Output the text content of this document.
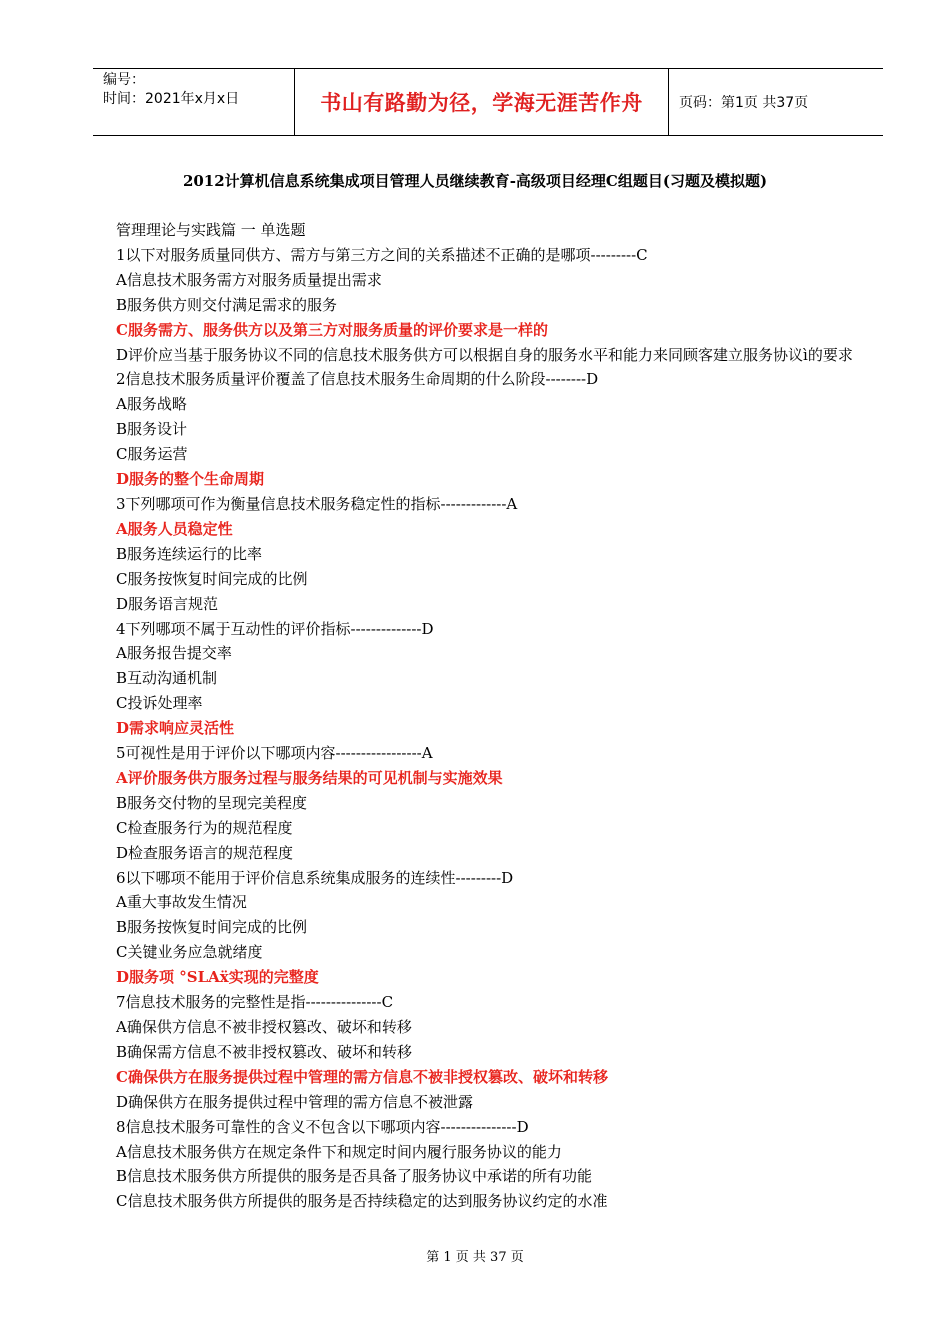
编号：
时间：2021年x月x日	书山有路勤为径，学海无涯苦作舟	页码：第1页 共37页
2012计算机信息系统集成项目管理人员继续教育-高级项目经理C组题目(习题及模拟题)
管理理论与实践篇 一 单选题
1以下对服务质量同供方、需方与第三方之间的关系描述不正确的是哪项---------C
A信息技术服务需方对服务质量提出需求
B服务供方则交付满足需求的服务
C服务需方、服务供方以及第三方对服务质量的评价要求是一样的
D评价应当基于服务协议不同的信息技术服务供方可以根据自身的服务水平和能力来同顾客建立服务协议ì的要求
2信息技术服务质量评价覆盖了信息技术服务生命周期的什么阶段--------D
A服务战略
B服务设计
C服务运营
D服务的整个生命周期
3下列哪项可作为衡量信息技术服务稳定性的指标-------------A
A服务人员稳定性
B服务连续运行的比率
C服务按恢复时间完成的比例
D服务语言规范
4下列哪项不属于互动性的评价指标--------------D
A服务报告提交率
B互动沟通机制
C投诉处理率
D需求响应灵活性
5可视性是用于评价以下哪项内容-----------------A
A评价服务供方服务过程与服务结果的可见机制与实施效果
B服务交付物的呈现完美程度
C检查服务行为的规范程度
D检查服务语言的规范程度
6以下哪项不能用于评价信息系统集成服务的连续性---------D
A重大事故发生情况
B服务按恢复时间完成的比例
C关键业务应急就绪度
D服务项 °SLAẍ实现的完整度
7信息技术服务的完整性是指---------------C
A确保供方信息不被非授权篡改、破坏和转移
B确保需方信息不被非授权篡改、破坏和转移
C确保供方在服务提供过程中管理的需方信息不被非授权篡改、破坏和转移
D确保供方在服务提供过程中管理的需方信息不被泄露
8信息技术服务可靠性的含义不包含以下哪项内容---------------D
A信息技术服务供方在规定条件下和规定时间内履行服务协议的能力
B信息技术服务供方所提供的服务是否具备了服务协议中承诺的所有功能
C信息技术服务供方所提供的服务是否持续稳定的达到服务协议约定的水准
第 1 页 共 37 页
